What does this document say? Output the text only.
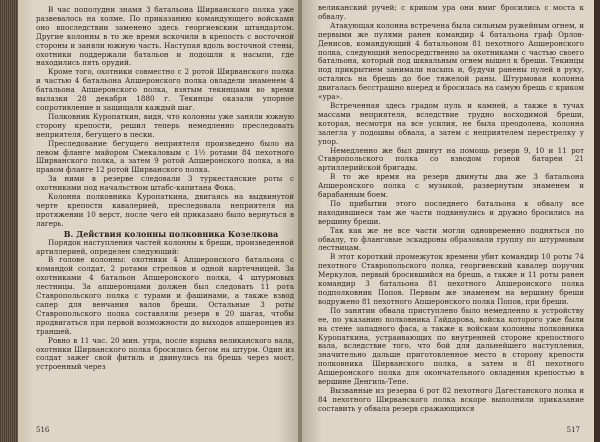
В час пополудни знамя 3 батальона Ширванского полка уже развевалось на холме. По приказанию командующего войсками оно впоследствии заменено здесь георгиевским штандартом. Другие колонны в то же время вскочили в крепость с восточной стороны и заняли южную часть. Наступая вдоль восточной стены, охотники поддержали батальон и подошли к насыпи, где находились пять орудий.

Кроме того, охотники совместно с 2 ротой Ширванского полка и частью 4 батальона Апшеронского полка овладели знаменем 4 батальона Апшеронского полка, взятым текинцами во время вылазки 28 декабря 1880 г. Текинцы оказали упорное сопротивление и защищали каждый шаг.

Полковник Куропаткин, видя, что колонны уже заняли южную сторону крепости, решил теперь немедленно преследовать неприятеля, бегущего в пески.

Преследование бегущего неприятеля произведено было на левом фланге майором Смекаловым с 1½ ротами 84 пехотного Ширванского полка, а затем 9 ротой Апшеронского полка, а на правом фланге 12 ротой Ширванского полка.

За ними в резерве следовали 3 туркестанские роты с охотниками под начальством штабс-капитана Фока.

Колонна полковника Куропаткина, двигаясь на выдвинутой черте крепости кавалерией, преследовала неприятеля на протяжении 10 верст, после чего ей приказано было вернуться в лагерь.

В. Действия колонны полковника Козелкова

Порядок наступления частей колонны к бреши, произведенной артиллерией, определен следующий:

В голове колонны: охотники 4 Апшеронского батальона с командой солдат, 2 ротами стрелков и одной картечницей. За охотниками 4 батальон Апшеронского полка, 4 штурмовых лестницы. За апшеронцами должен был следовать 11 рота Ставропольского полка с турами и фашинами, а также взвод сапер для венчания валов бреши. Остальные 3 роты Ставропольского полка составляли резерв в 20 шагах, чтобы продвигаться при первой возможности до выходов апшеронцев из траншей.

Ровно в 11 час. 20 мин. утра, после взрыва великанского вала, охотники Ширванского полка бросились бегом на штурм. Один из солдат зажег свой фитиль и двинулись на брешь через мост, устроенный через

516

великанский ручей; с криком ура они вмиг бросились с моста к обвалу.

Атакующая колонна встречена была сильным ружейным огнем, и первыми же пулями ранен командир 4 батальона граф Орлов-Денисов, командующий 4 батальоном 81 пехотного Апшеронского полка, следующий непосредственно за охотниками с частью своего батальона, который под шквальным огнем вышел к бреши. Текинцы под прикрытием занимали насыпь и, будучи ранены пулей в руку, остались на брешь до бое тяжелой раны. Штурмовая колонна двигалась бесстрашно вперед и бросилась на самую брешь с криком «ура».

Встреченная здесь градом пуль и камней, а также в тучах массами неприятеля, вследствие трудно восходимой бреши, которая, несмотря на все усилия, не была преодолена, колонна залегла у подошвы обвала, а затем с неприятелем перестрелку у упор.

Немедленно же был двинут на помощь резерв 9, 10 и 11 рот Ставропольского полка со взводом горной батареи 21 артиллерийской бригады.

В то же время на резерв двинуты два же 3 батальона Апшеронского полка с музыкой, развернутым знаменем и барабанным боем.

По прибытии этого последнего батальона к обвалу все находившиеся там же части подвинулись и дружно бросились на вершину бреши.

Так как же не все части могли одновременно подняться по обвалу, то фланговые эскадроны образовали группу по штурмовым лестницам.

В этот короткий промежуток времени убит командир 10 роты 74 пехотного Ставропольского полка, георгиевский кавалер поручик Меркулов, первый бросившийся на брешь, а также и 11 роты ранен командир 3 батальона 81 пехотного Апшеронского полка подполковник Попов. Первым же знаменем на вершину бреши водружено 81 пехотного Апшеронского полка Попов, при бреши.

По занятии обвала приступлено было немедленно к устройству ее, по указанию полковника Гайдарова, войска которого уже были на стене западного фаса, а также к войскам колонны полковника Куропаткина, устраивающих по внутренней стороне крепостного вала, вследствие того, что бой для дальнейшего наступления, значительно дальше приготовленное место в сторону крепости полковника Ширванского полка, а затем и 81 пехотного Апшеронского полка для окончательного овладения крепостью в вершине Денгиль-Тепе.

Вызванные из резерва 6 рот 82 пехотного Дагестанского полка и 84 пехотного Ширванского полка вскоре выполнили приказание составить у обвала резерв сражающихся

517
